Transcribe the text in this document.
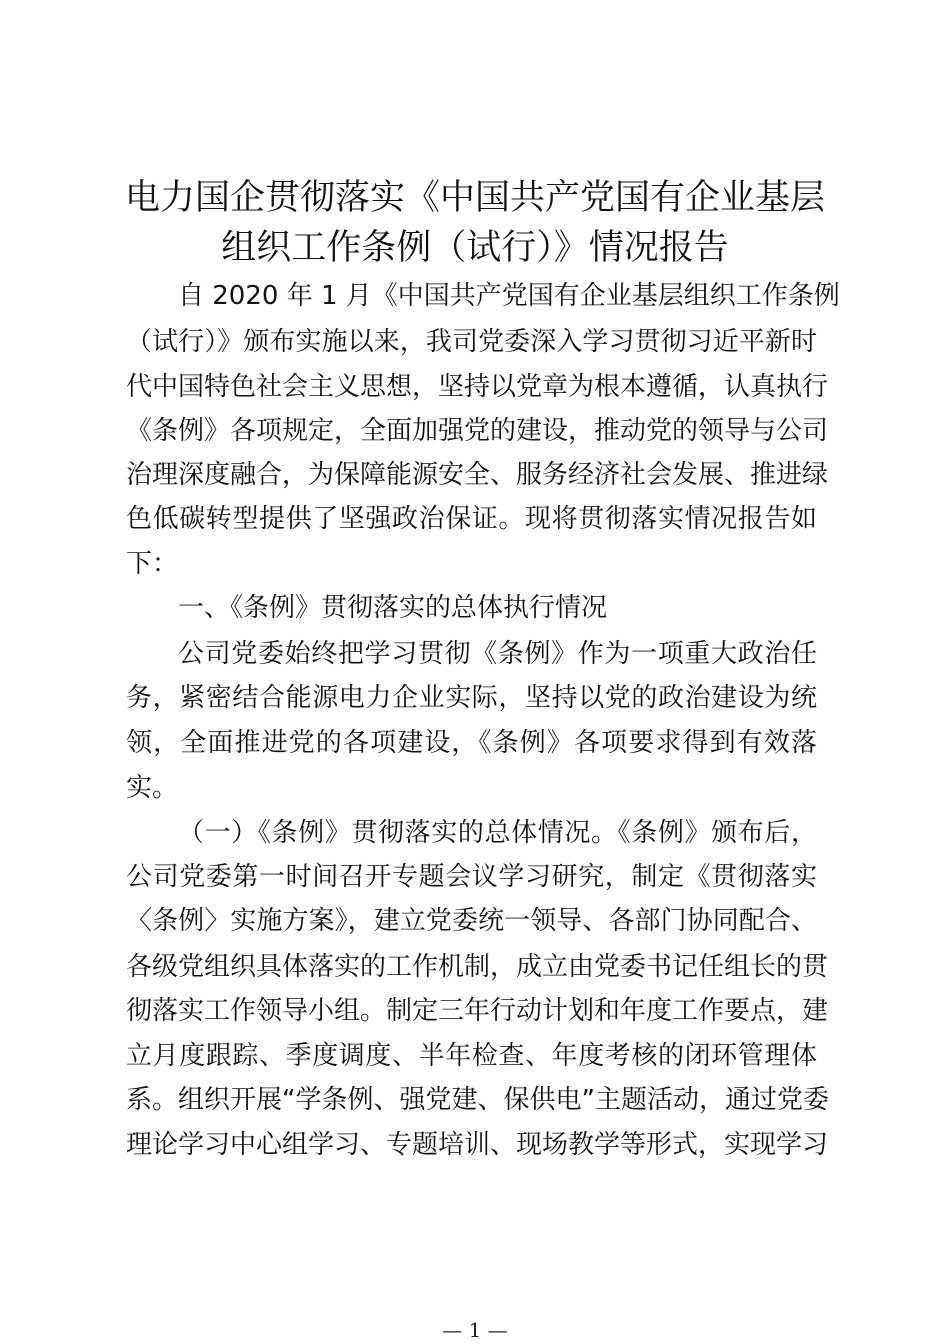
电力国企贯彻落实《中国共产党国有企业基层
组织工作条例（试行）》情况报告
自 2020 年 1 月《中国共产党国有企业基层组织工作条例
（试行）》颁布实施以来，我司党委深入学习贯彻习近平新时
代中国特色社会主义思想，坚持以党章为根本遵循，认真执行
《条例》各项规定，全面加强党的建设，推动党的领导与公司
治理深度融合，为保障能源安全、服务经济社会发展、推进绿
色低碳转型提供了坚强政治保证。现将贯彻落实情况报告如
下：
一、《条例》贯彻落实的总体执行情况
公司党委始终把学习贯彻《条例》作为一项重大政治任
务，紧密结合能源电力企业实际，坚持以党的政治建设为统
领，全面推进党的各项建设，《条例》各项要求得到有效落
实。
（一）《条例》贯彻落实的总体情况。《条例》颁布后，
公司党委第一时间召开专题会议学习研究，制定《贯彻落实
〈条例〉实施方案》，建立党委统一领导、各部门协同配合、
各级党组织具体落实的工作机制，成立由党委书记任组长的贯
彻落实工作领导小组。制定三年行动计划和年度工作要点，建
立月度跟踪、季度调度、半年检查、年度考核的闭环管理体
系。组织开展“学条例、强党建、保供电”主题活动，通过党委
理论学习中心组学习、专题培训、现场教学等形式，实现学习
— 1 —
